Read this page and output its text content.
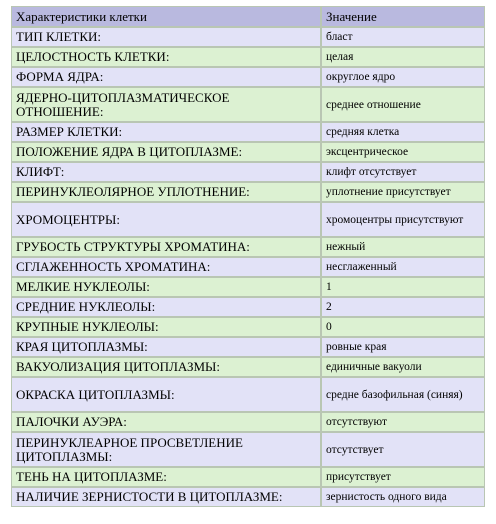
Характеристики клетки	Значение
ТИП КЛЕТКИ:	бласт
ЦЕЛОСТНОСТЬ КЛЕТКИ:	целая
ФОРМА ЯДРА:	округлое ядро
ЯДЕРНО-ЦИТОПЛАЗМАТИЧЕСКОЕ ОТНОШЕНИЕ:	среднее отношение
РАЗМЕР КЛЕТКИ:	средняя клетка
ПОЛОЖЕНИЕ ЯДРА В ЦИТОПЛАЗМЕ:	эксцентрическое
КЛИФТ:	клифт отсутствует
ПЕРИНУКЛЕОЛЯРНОЕ УПЛОТНЕНИЕ:	уплотнение присутствует
ХРОМОЦЕНТРЫ:	хромоцентры присутствуют
ГРУБОСТЬ СТРУКТУРЫ ХРОМАТИНА:	нежный
СГЛАЖЕННОСТЬ ХРОМАТИНА:	несглаженный
МЕЛКИЕ НУКЛЕОЛЫ:	1
СРЕДНИЕ НУКЛЕОЛЫ:	2
КРУПНЫЕ НУКЛЕОЛЫ:	0
КРАЯ ЦИТОПЛАЗМЫ:	ровные края
ВАКУОЛИЗАЦИЯ ЦИТОПЛАЗМЫ:	единичные вакуоли
ОКРАСКА ЦИТОПЛАЗМЫ:	средне базофильная (синяя)
ПАЛОЧКИ АУЭРА:	отсутствуют
ПЕРИНУКЛЕАРНОЕ ПРОСВЕТЛЕНИЕ ЦИТОПЛАЗМЫ:	отсутствует
ТЕНЬ НА ЦИТОПЛАЗМЕ:	присутствует
НАЛИЧИЕ ЗЕРНИСТОСТИ В ЦИТОПЛАЗМЕ:	зернистость одного вида
